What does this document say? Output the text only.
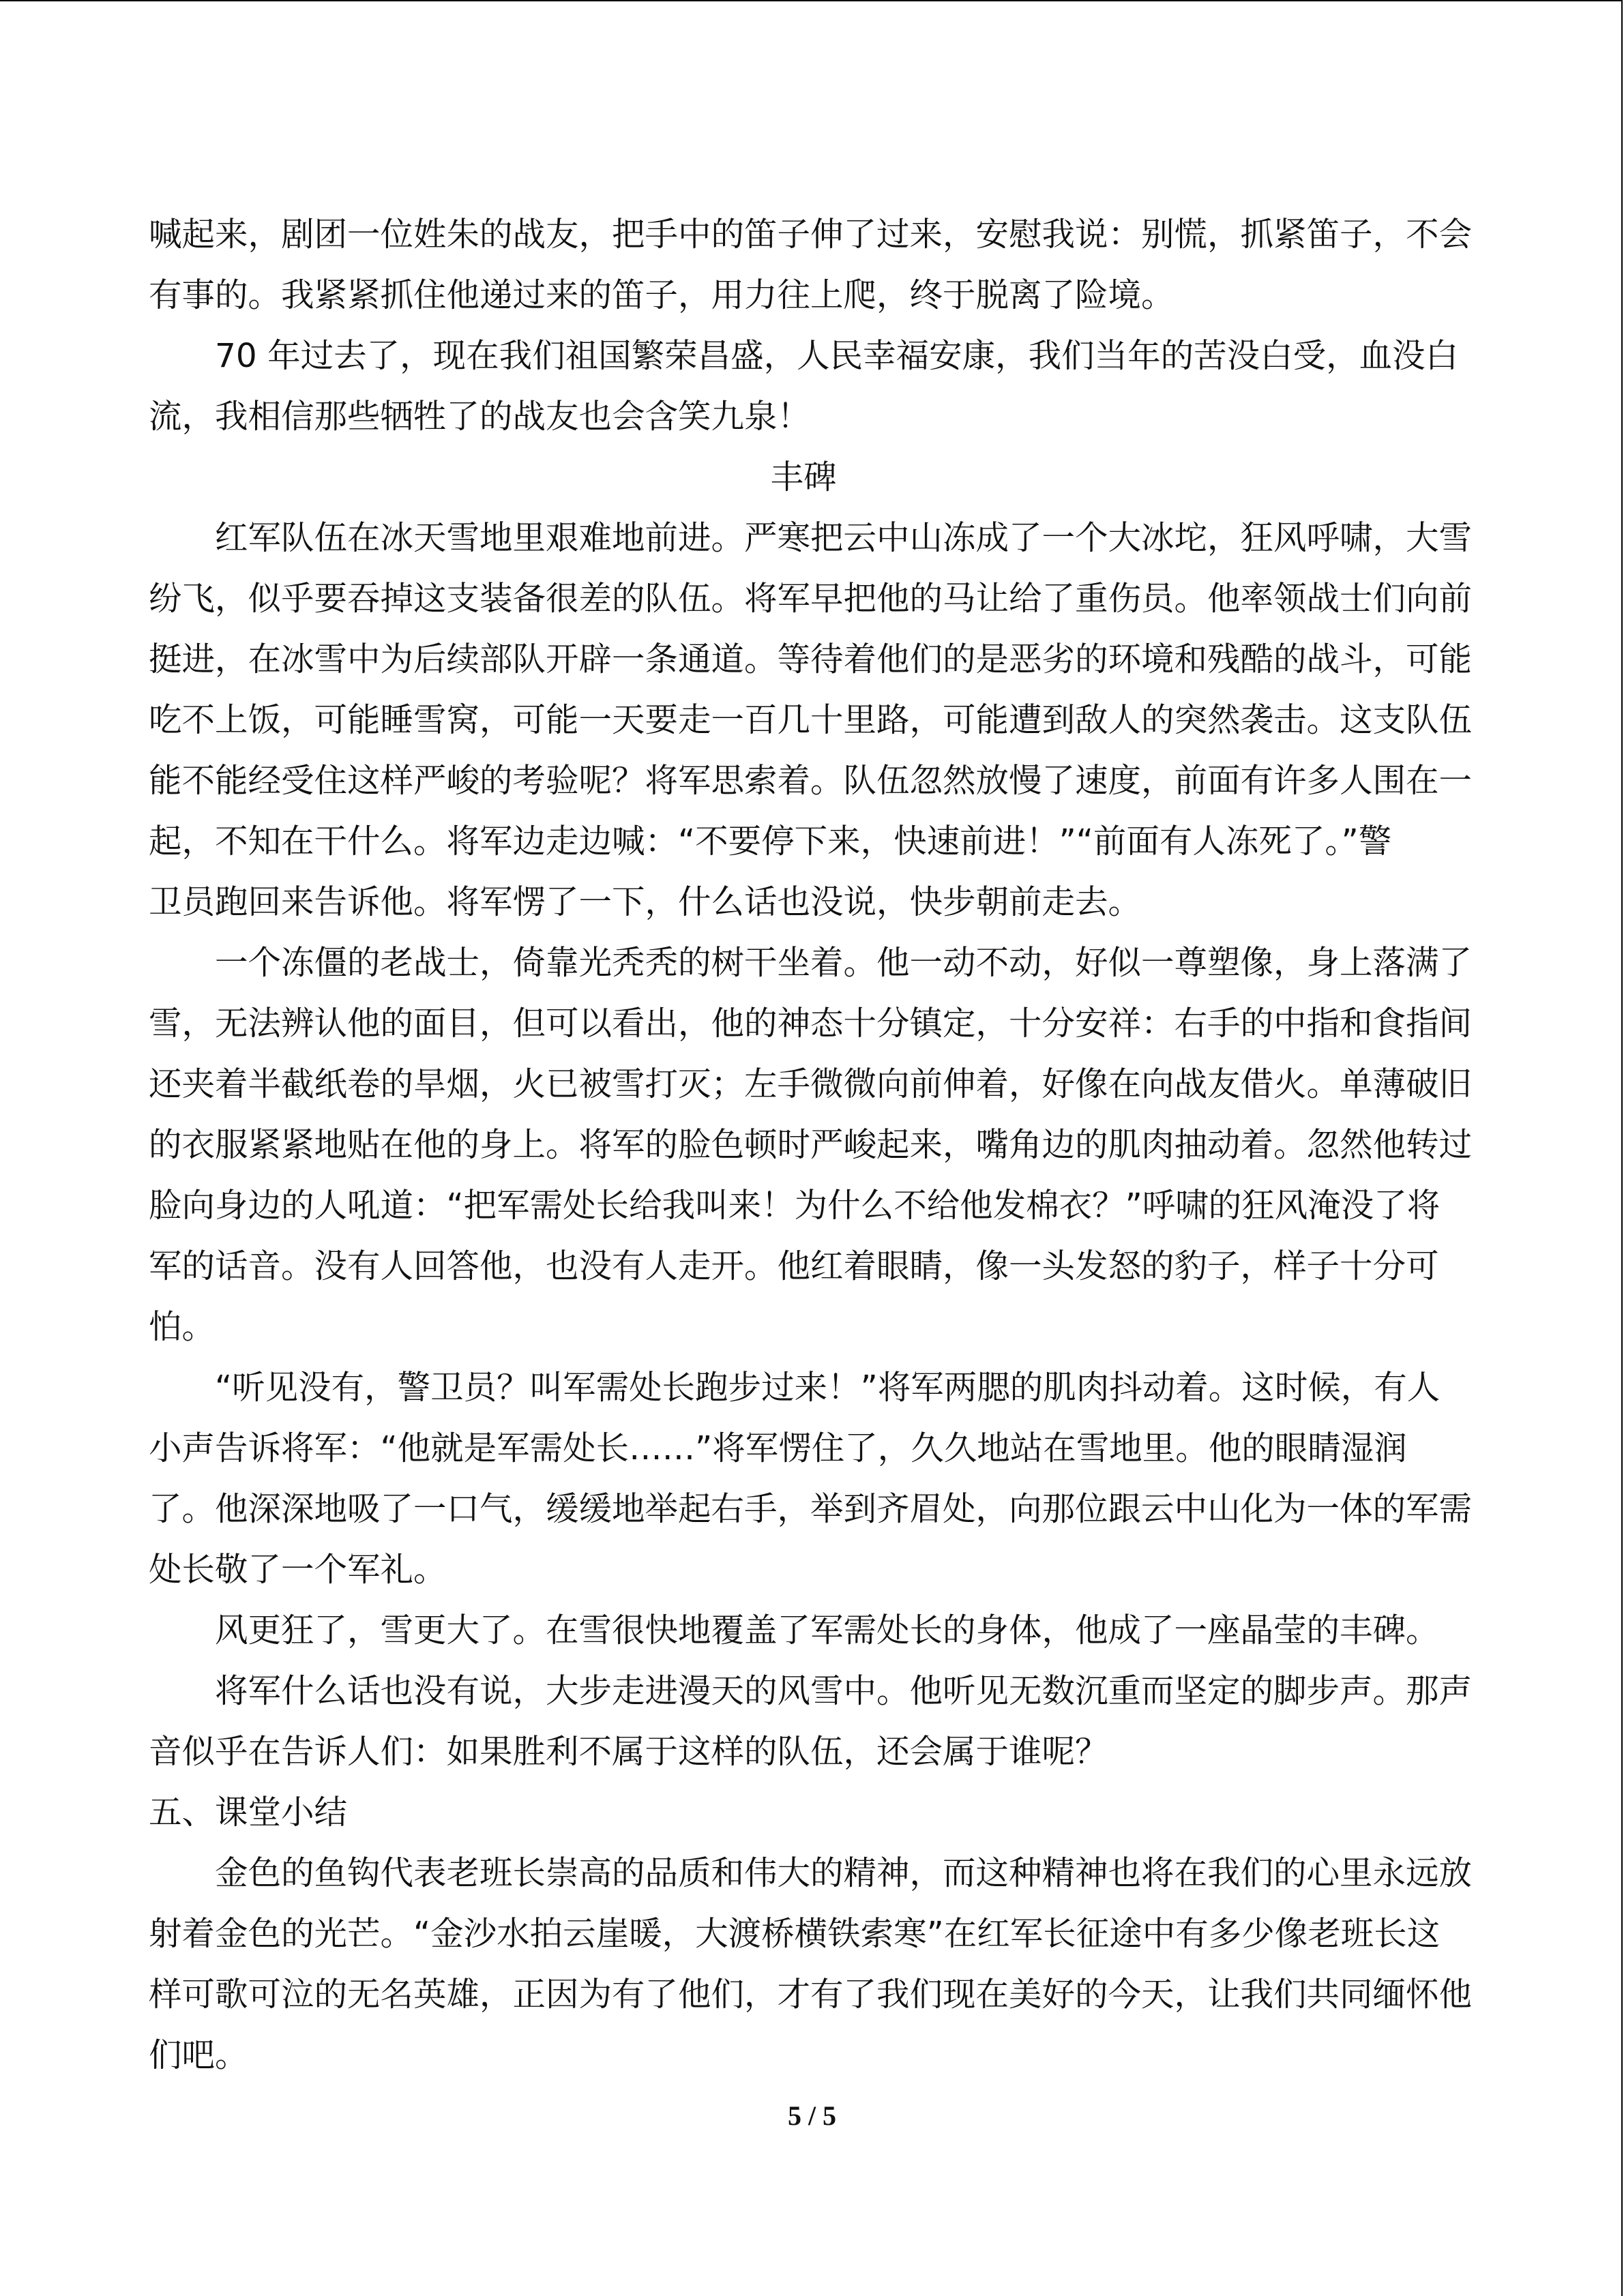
喊起来，剧团一位姓朱的战友，把手中的笛子伸了过来，安慰我说：别慌，抓紧笛子，不会

有事的。我紧紧抓住他递过来的笛子，用力往上爬，终于脱离了险境。

70 年过去了，现在我们祖国繁荣昌盛，人民幸福安康，我们当年的苦没白受，血没白

流，我相信那些牺牲了的战友也会含笑九泉！

丰碑

红军队伍在冰天雪地里艰难地前进。严寒把云中山冻成了一个大冰坨，狂风呼啸，大雪

纷飞，似乎要吞掉这支装备很差的队伍。将军早把他的马让给了重伤员。他率领战士们向前

挺进，在冰雪中为后续部队开辟一条通道。等待着他们的是恶劣的环境和残酷的战斗，可能

吃不上饭，可能睡雪窝，可能一天要走一百几十里路，可能遭到敌人的突然袭击。这支队伍

能不能经受住这样严峻的考验呢？将军思索着。队伍忽然放慢了速度，前面有许多人围在一

起，不知在干什么。将军边走边喊：“不要停下来，快速前进！”“前面有人冻死了。”警

卫员跑回来告诉他。将军愣了一下，什么话也没说，快步朝前走去。

一个冻僵的老战士，倚靠光秃秃的树干坐着。他一动不动，好似一尊塑像，身上落满了

雪，无法辨认他的面目，但可以看出，他的神态十分镇定，十分安祥：右手的中指和食指间

还夹着半截纸卷的旱烟，火已被雪打灭；左手微微向前伸着，好像在向战友借火。单薄破旧

的衣服紧紧地贴在他的身上。将军的脸色顿时严峻起来，嘴角边的肌肉抽动着。忽然他转过

脸向身边的人吼道：“把军需处长给我叫来！为什么不给他发棉衣？”呼啸的狂风淹没了将

军的话音。没有人回答他，也没有人走开。他红着眼睛，像一头发怒的豹子，样子十分可

怕。

“听见没有，警卫员？叫军需处长跑步过来！”将军两腮的肌肉抖动着。这时候，有人

小声告诉将军：“他就是军需处长……”将军愣住了，久久地站在雪地里。他的眼睛湿润

了。他深深地吸了一口气，缓缓地举起右手，举到齐眉处，向那位跟云中山化为一体的军需

处长敬了一个军礼。

风更狂了，雪更大了。在雪很快地覆盖了军需处长的身体，他成了一座晶莹的丰碑。

将军什么话也没有说，大步走进漫天的风雪中。他听见无数沉重而坚定的脚步声。那声

音似乎在告诉人们：如果胜利不属于这样的队伍，还会属于谁呢？

五、课堂小结

金色的鱼钩代表老班长崇高的品质和伟大的精神，而这种精神也将在我们的心里永远放

射着金色的光芒。“金沙水拍云崖暖，大渡桥横铁索寒”在红军长征途中有多少像老班长这

样可歌可泣的无名英雄，正因为有了他们，才有了我们现在美好的今天，让我们共同缅怀他

们吧。

5 / 5
